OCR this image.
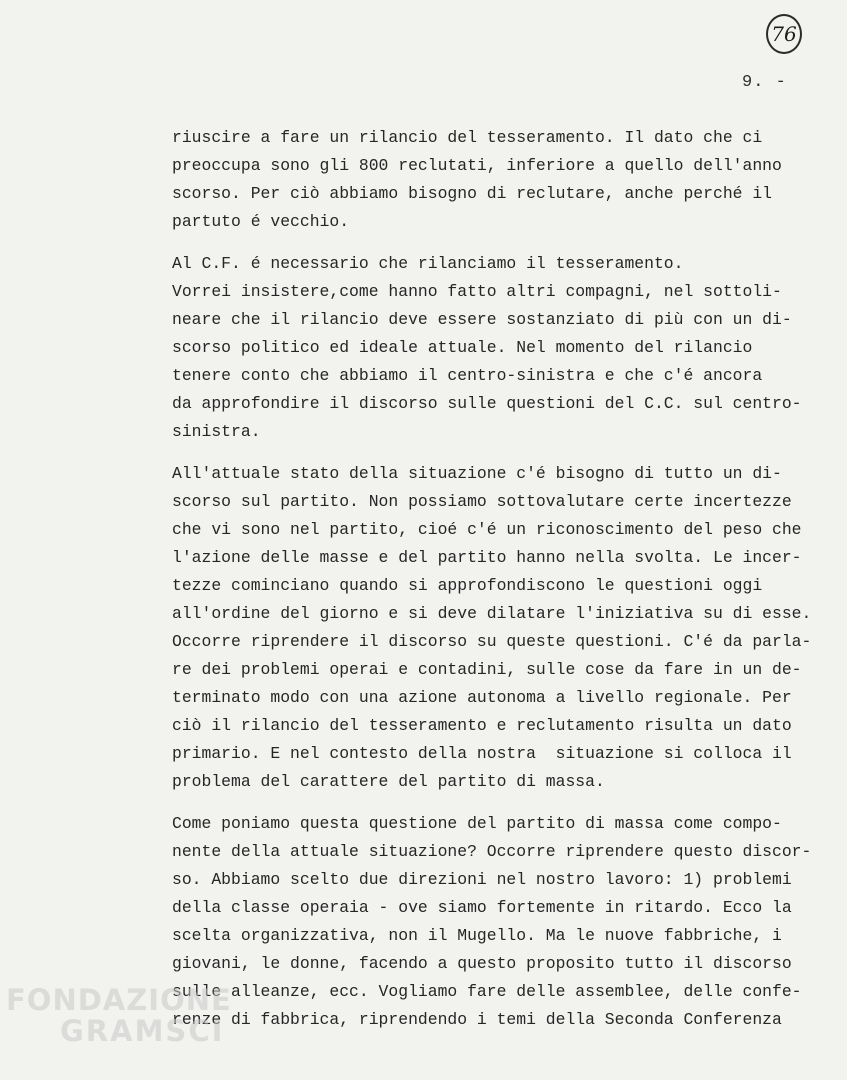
76
9. -
riuscire a fare un rilancio del tesseramento. Il dato che ci
preoccupa sono gli 800 reclutati, inferiore a quello dell'anno
scorso. Per ciò abbiamo bisogno di reclutare, anche perché il
partuto é vecchio.
Al C.F. é necessario che rilanciamo il tesseramento.
Vorrei insistere,come hanno fatto altri compagni, nel sottoli-
neare che il rilancio deve essere sostanziato di più con un di-
scorso politico ed ideale attuale. Nel momento del rilancio
tenere conto che abbiamo il centro-sinistra e che c'é ancora
da approfondire il discorso sulle questioni del C.C. sul centro-
sinistra.
All'attuale stato della situazione c'é bisogno di tutto un di-
scorso sul partito. Non possiamo sottovalutare certe incertezze
che vi sono nel partito, cioé c'é un riconoscimento del peso che
l'azione delle masse e del partito hanno nella svolta. Le incer-
tezze cominciano quando si approfondiscono le questioni oggi
all'ordine del giorno e si deve dilatare l'iniziativa su di esse.
Occorre riprendere il discorso su queste questioni. C'é da parla-
re dei problemi operai e contadini, sulle cose da fare in un de-
terminato modo con una azione autonoma a livello regionale. Per
ciò il rilancio del tesseramento e reclutamento risulta un dato
primario. E nel contesto della nostra  situazione si colloca il
problema del carattere del partito di massa.
Come poniamo questa questione del partito di massa come compo-
nente della attuale situazione? Occorre riprendere questo discor-
so. Abbiamo scelto due direzioni nel nostro lavoro: 1) problemi
della classe operaia - ove siamo fortemente in ritardo. Ecco la
scelta organizzativa, non il Mugello. Ma le nuove fabbriche, i
giovani, le donne, facendo a questo proposito tutto il discorso
sulle alleanze, ecc. Vogliamo fare delle assemblee, delle confe-
renze di fabbrica, riprendendo i temi della Seconda Conferenza
FONDAZIONE
GRAMSCI
